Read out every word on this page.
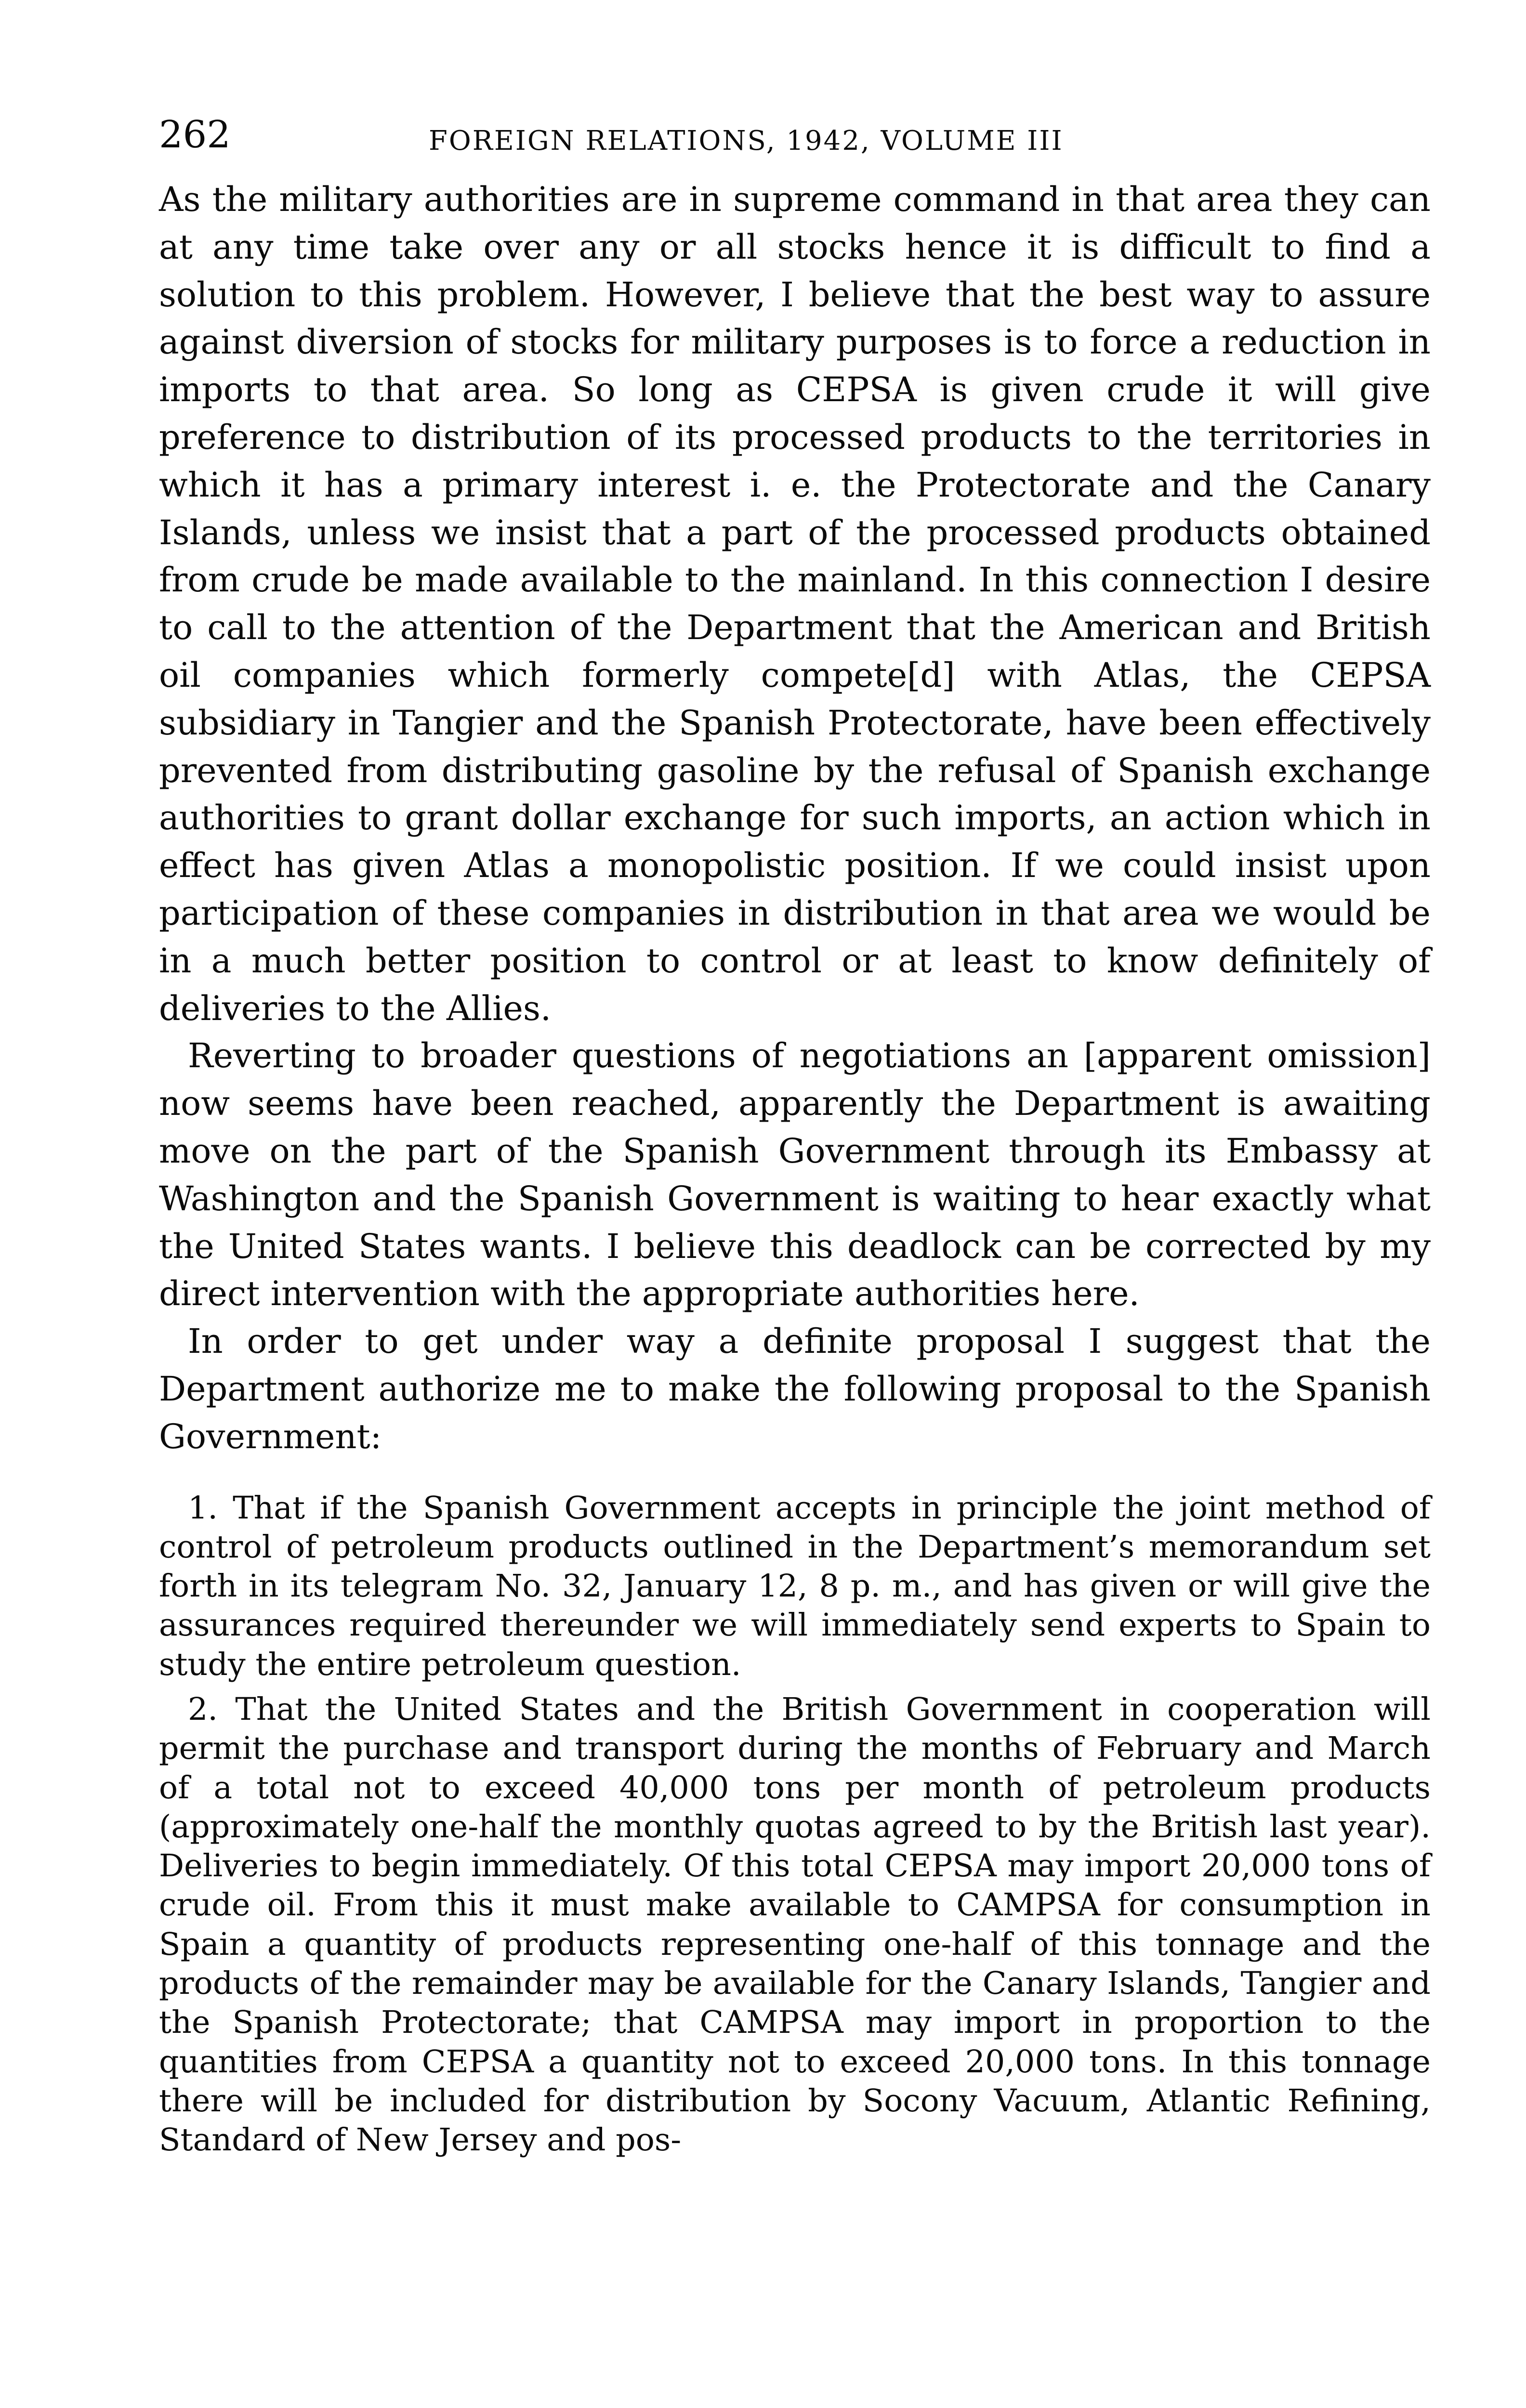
262	FOREIGN RELATIONS, 1942, VOLUME III

As the military authorities are in supreme command in that area they can at any time take over any or all stocks hence it is difficult to find a solution to this problem. However, I believe that the best way to assure against diversion of stocks for military purposes is to force a reduction in imports to that area. So long as CEPSA is given crude it will give preference to distribution of its processed products to the territories in which it has a primary interest i. e. the Protectorate and the Canary Islands, unless we insist that a part of the processed products obtained from crude be made available to the mainland. In this connection I desire to call to the attention of the Department that the American and British oil companies which formerly compete[d] with Atlas, the CEPSA subsidiary in Tangier and the Spanish Protectorate, have been effectively prevented from distributing gasoline by the refusal of Spanish exchange authorities to grant dollar exchange for such imports, an action which in effect has given Atlas a monopolistic position. If we could insist upon participation of these companies in distribution in that area we would be in a much better position to control or at least to know definitely of deliveries to the Allies.

Reverting to broader questions of negotiations an [apparent omission] now seems have been reached, apparently the Department is awaiting move on the part of the Spanish Government through its Embassy at Washington and the Spanish Government is waiting to hear exactly what the United States wants. I believe this deadlock can be corrected by my direct intervention with the appropriate authorities here.

In order to get under way a definite proposal I suggest that the Department authorize me to make the following proposal to the Spanish Government:

1. That if the Spanish Government accepts in principle the joint method of control of petroleum products outlined in the Department’s memorandum set forth in its telegram No. 32, January 12, 8 p. m., and has given or will give the assurances required thereunder we will immediately send experts to Spain to study the entire petroleum question.

2. That the United States and the British Government in cooperation will permit the purchase and transport during the months of February and March of a total not to exceed 40,000 tons per month of petroleum products (approximately one-half the monthly quotas agreed to by the British last year). Deliveries to begin immediately. Of this total CEPSA may import 20,000 tons of crude oil. From this it must make available to CAMPSA for consumption in Spain a quantity of products representing one-half of this tonnage and the products of the remainder may be available for the Canary Islands, Tangier and the Spanish Protectorate; that CAMPSA may import in proportion to the quantities from CEPSA a quantity not to exceed 20,000 tons. In this tonnage there will be included for distribution by Socony Vacuum, Atlantic Refining, Standard of New Jersey and pos-
